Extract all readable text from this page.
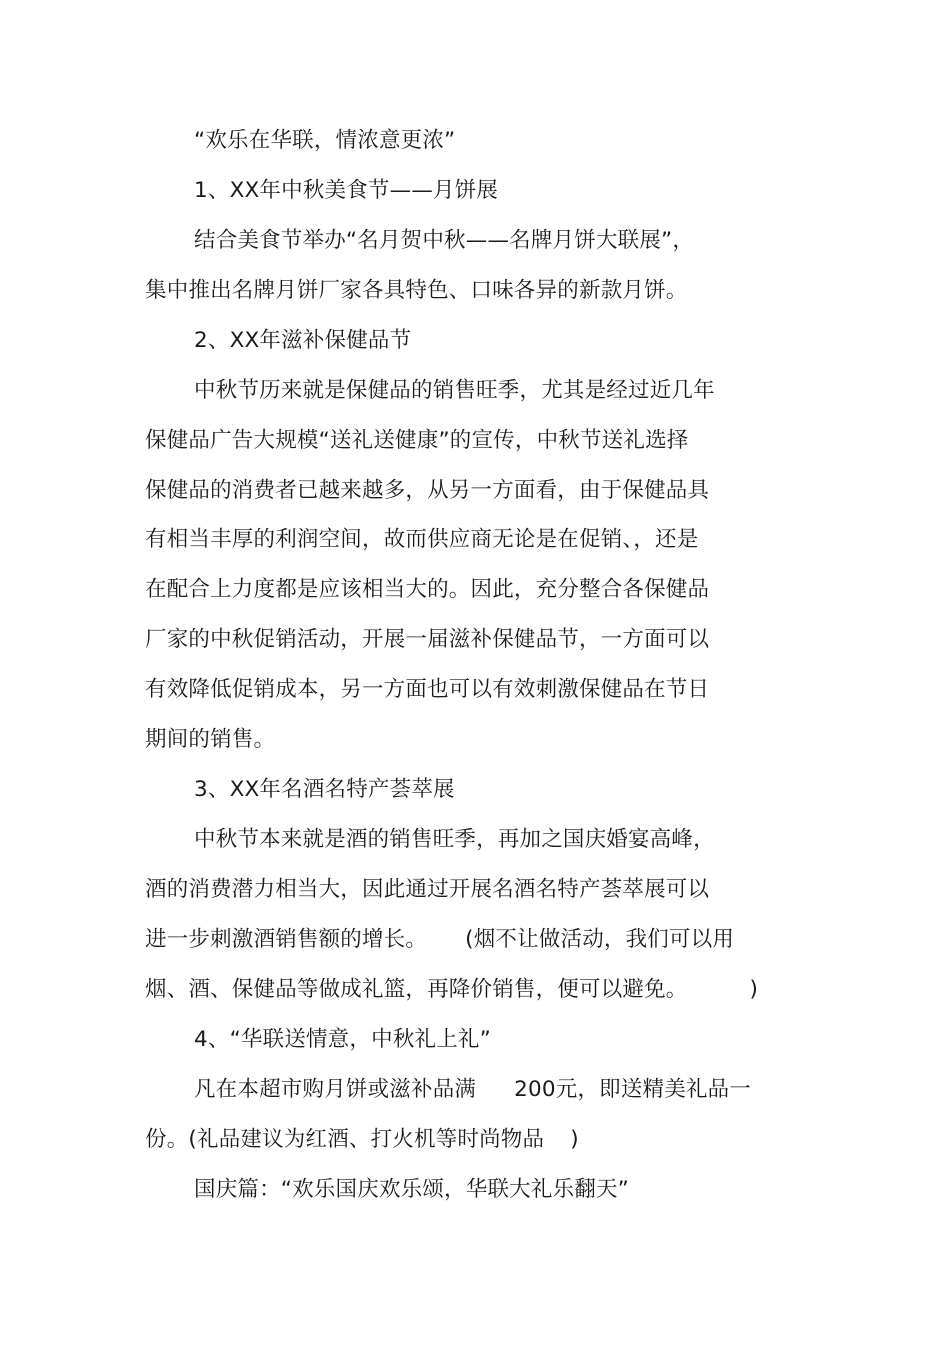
“欢乐在华联，情浓意更浓”
1、XX年中秋美食节——月饼展
结合美食节举办“名月贺中秋——名牌月饼大联展”，
集中推出名牌月饼厂家各具特色、口味各异的新款月饼。
2、XX年滋补保健品节
中秋节历来就是保健品的销售旺季，尤其是经过近几年
保健品广告大规模“送礼送健康”的宣传，中秋节送礼选择
保健品的消费者已越来越多，从另一方面看，由于保健品具
有相当丰厚的利润空间，故而供应商无论是在促销、，还是
在配合上力度都是应该相当大的。因此，充分整合各保健品
厂家的中秋促销活动，开展一届滋补保健品节，一方面可以
有效降低促销成本，另一方面也可以有效刺激保健品在节日
期间的销售。
3、XX年名酒名特产荟萃展
中秋节本来就是酒的销售旺季，再加之国庆婚宴高峰，
酒的消费潜力相当大，因此通过开展名酒名特产荟萃展可以
进一步刺激酒销售额的增长。 (烟不让做活动，我们可以用
烟、酒、保健品等做成礼篮，再降价销售，便可以避免。	)
4、“华联送情意，中秋礼上礼”
凡在本超市购月饼或滋补品满 200元，即送精美礼品一
份。(礼品建议为红酒、打火机等时尚物品 )
国庆篇：“欢乐国庆欢乐颂，华联大礼乐翻天”
